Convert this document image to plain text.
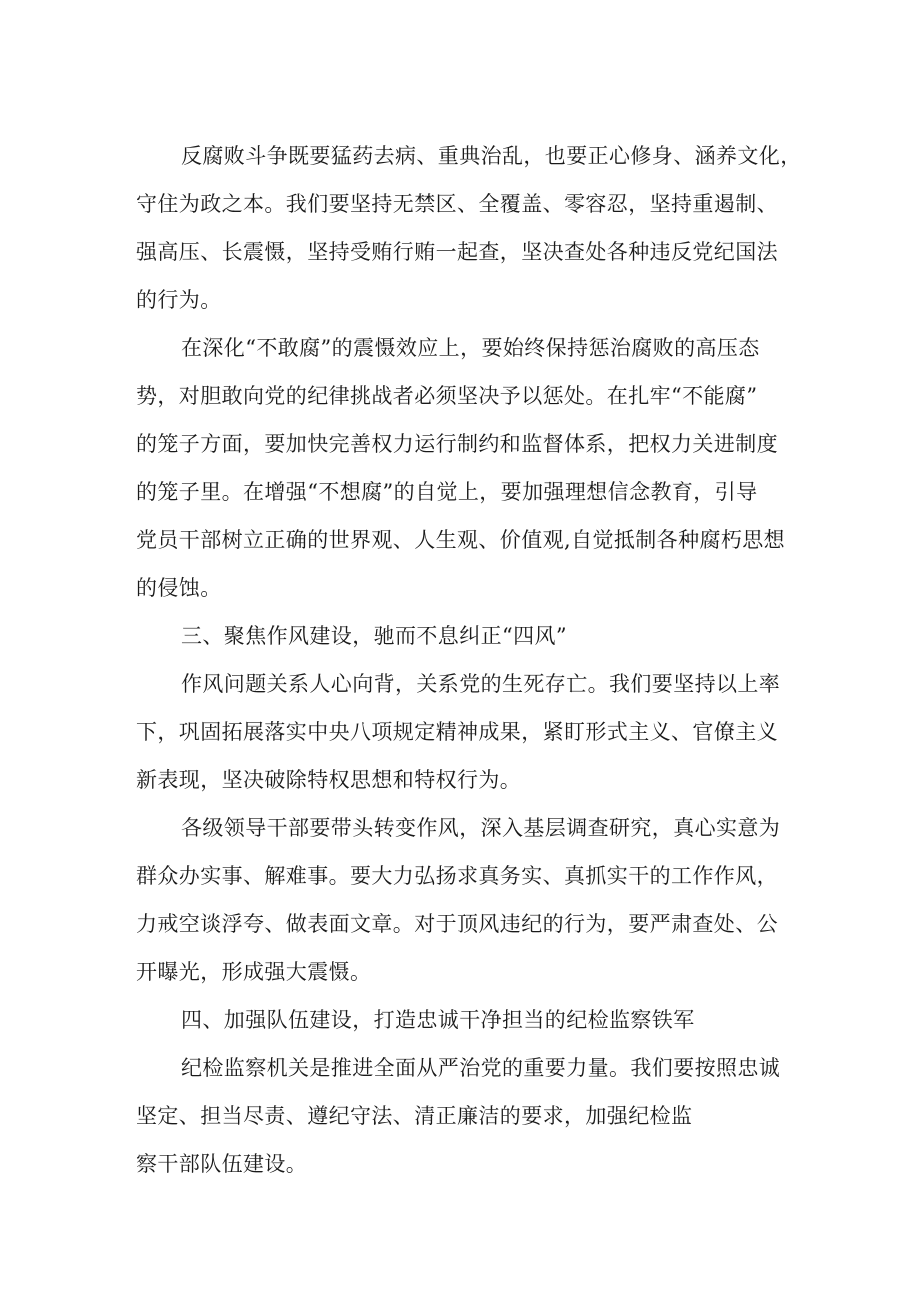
反腐败斗争既要猛药去病、重典治乱，也要正心修身、涵养文化，
守住为政之本。我们要坚持无禁区、全覆盖、零容忍，坚持重遏制、
强高压、长震慑，坚持受贿行贿一起查，坚决查处各种违反党纪国法
的行为。
在深化“不敢腐”的震慑效应上，要始终保持惩治腐败的高压态
势，对胆敢向党的纪律挑战者必须坚决予以惩处。在扎牢“不能腐”
的笼子方面，要加快完善权力运行制约和监督体系，把权力关进制度
的笼子里。在增强“不想腐”的自觉上，要加强理想信念教育，引导
党员干部树立正确的世界观、人生观、价值观,自觉抵制各种腐朽思想
的侵蚀。
三、聚焦作风建设，驰而不息纠正“四风”
作风问题关系人心向背，关系党的生死存亡。我们要坚持以上率
下，巩固拓展落实中央八项规定精神成果，紧盯形式主义、官僚主义
新表现，坚决破除特权思想和特权行为。
各级领导干部要带头转变作风，深入基层调查研究，真心实意为
群众办实事、解难事。要大力弘扬求真务实、真抓实干的工作作风，
力戒空谈浮夸、做表面文章。对于顶风违纪的行为，要严肃查处、公
开曝光，形成强大震慑。
四、加强队伍建设，打造忠诚干净担当的纪检监察铁军
纪检监察机关是推进全面从严治党的重要力量。我们要按照忠诚
坚定、担当尽责、遵纪守法、清正廉洁的要求，加强纪检监
察干部队伍建设。
